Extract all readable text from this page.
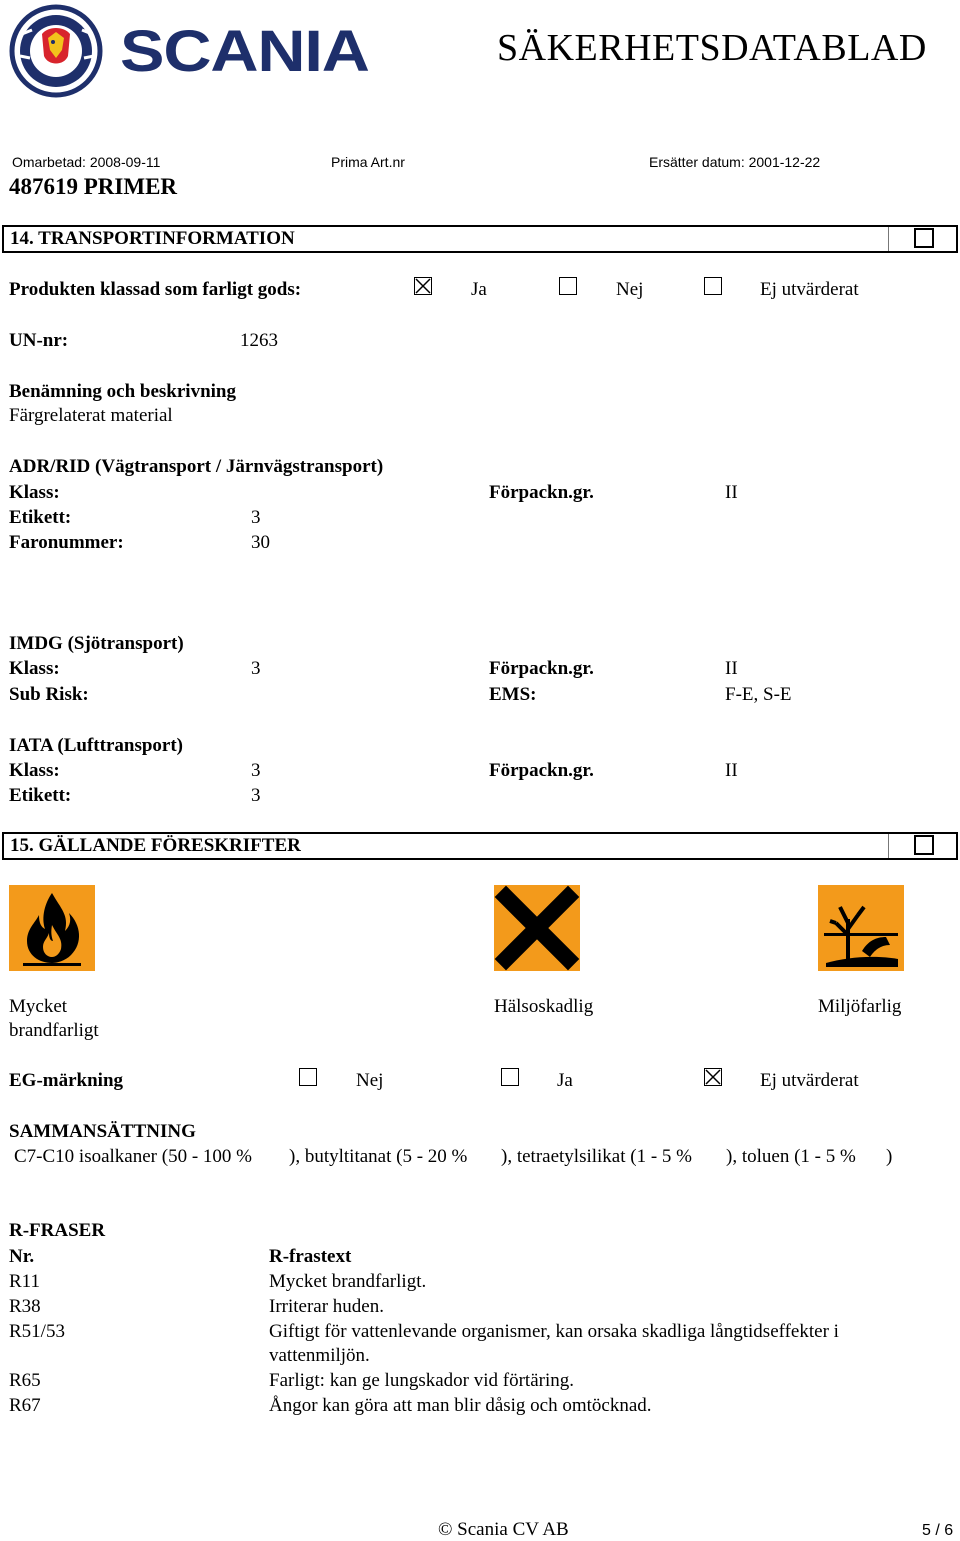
SCANIA	SÄKERHETSDATABLAD
Omarbetad: 2008-09-11	Prima Art.nr	Ersätter datum: 2001-12-22
487619 PRIMER
14. TRANSPORTINFORMATION
Produkten klassad som farligt gods:	Ja	Nej	Ej utvärderat
UN-nr:	1263
Benämning och beskrivning
Färgrelaterat material
ADR/RID (Vägtransport / Järnvägstransport)
Klass:	Förpackn.gr.	II
Etikett:	3
Faronummer:	30
IMDG (Sjötransport)
Klass:	3	Förpackn.gr.	II
Sub Risk:	EMS:	F-E, S-E
IATA (Lufttransport)
Klass:	3	Förpackn.gr.	II
Etikett:	3
15. GÄLLANDE FÖRESKRIFTER
Mycket
brandfarligt
Hälsoskadlig	Miljöfarlig
EG-märkning	Nej	Ja	Ej utvärderat
SAMMANSÄTTNING
C7-C10 isoalkaner (50 - 100 % ), butyltitanat (5 - 20 % ), tetraetylsilikat (1 - 5 % ), toluen (1 - 5 % )
R-FRASER
Nr.	R-frastext
R11	Mycket brandfarligt.
R38	Irriterar huden.
R51/53	Giftigt för vattenlevande organismer, kan orsaka skadliga långtidseffekter i
vattenmiljön.
R65	Farligt: kan ge lungskador vid förtäring.
R67	Ångor kan göra att man blir dåsig och omtöcknad.
© Scania CV AB	5 / 6
